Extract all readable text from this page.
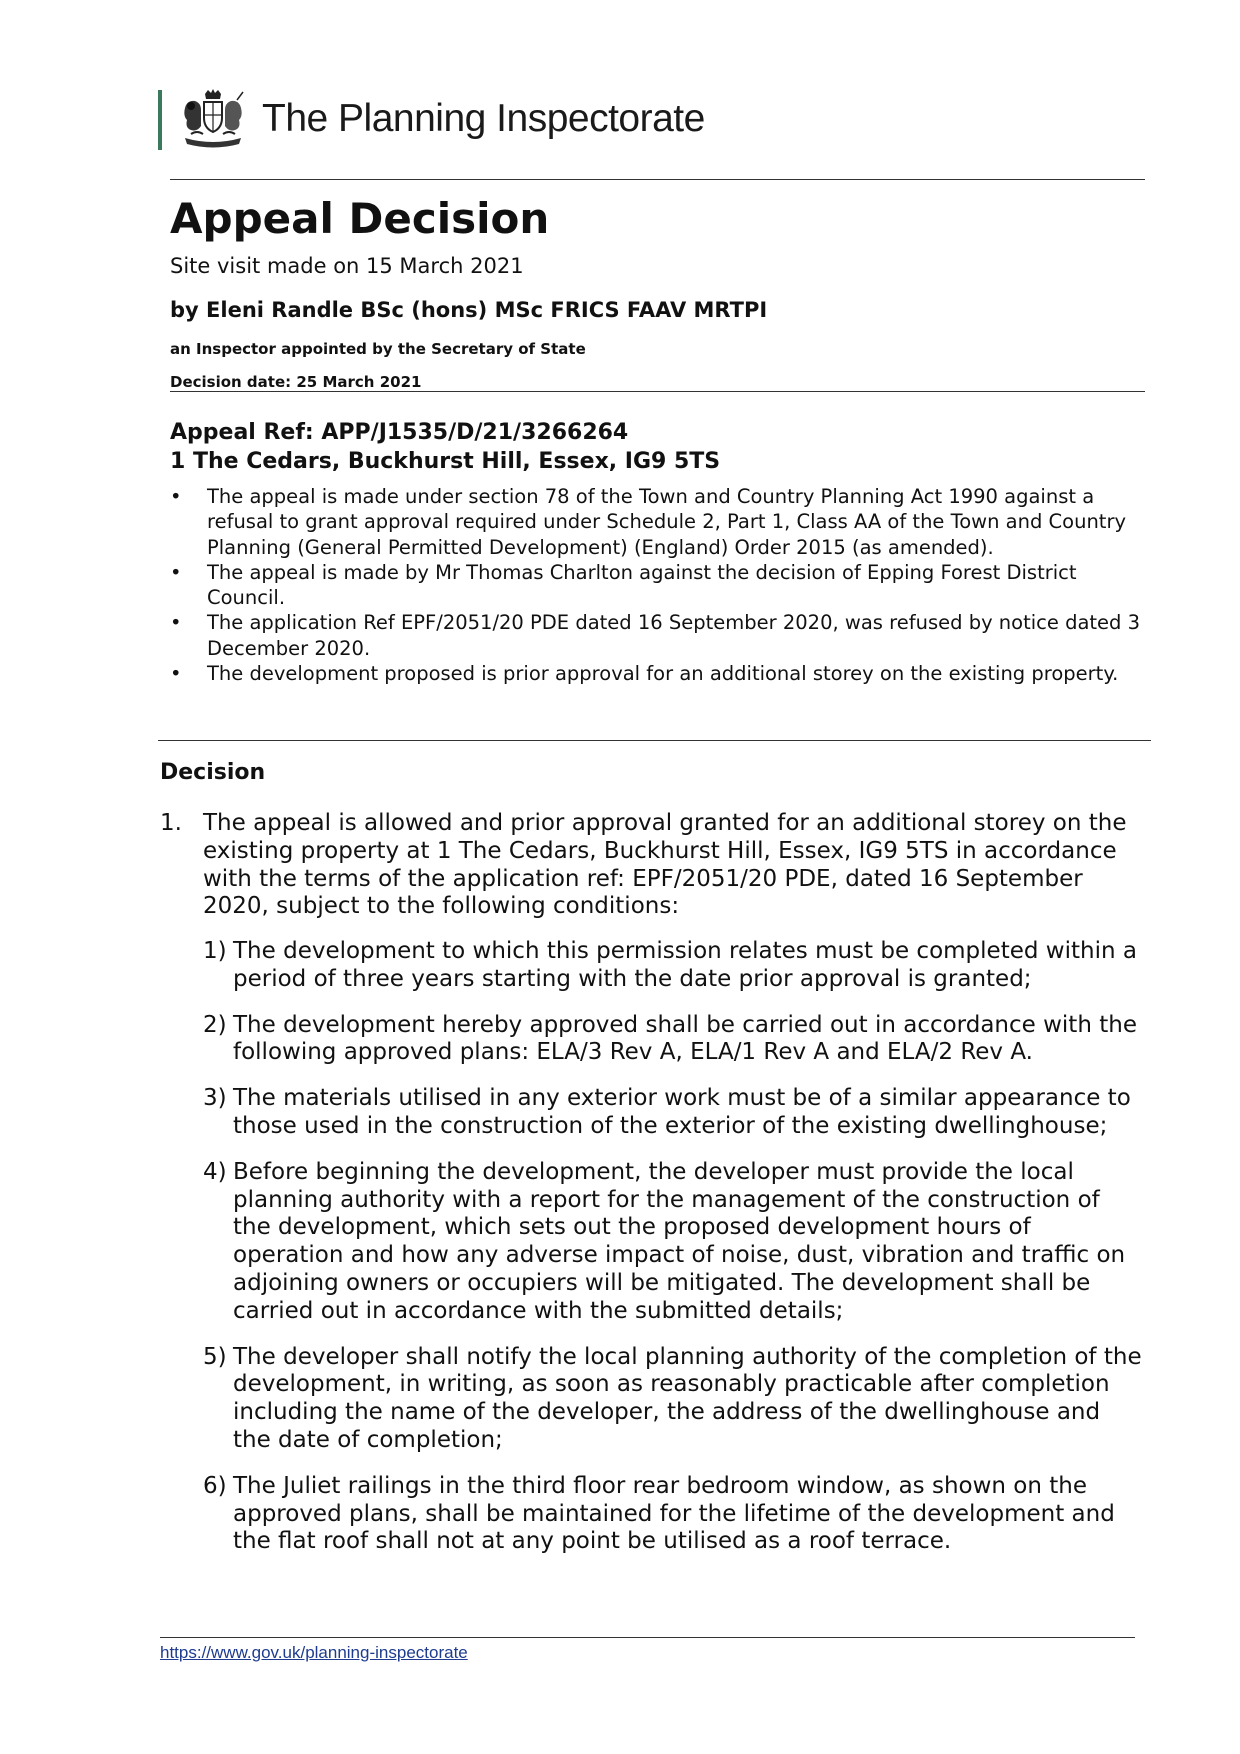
The Planning Inspectorate
Appeal Decision
Site visit made on 15 March 2021
by Eleni Randle BSc (hons) MSc FRICS FAAV MRTPI
an Inspector appointed by the Secretary of State
Decision date: 25 March 2021
Appeal Ref: APP/J1535/D/21/3266264
1 The Cedars, Buckhurst Hill, Essex, IG9 5TS
• The appeal is made under section 78 of the Town and Country Planning Act 1990 against a refusal to grant approval required under Schedule 2, Part 1, Class AA of the Town and Country Planning (General Permitted Development) (England) Order 2015 (as amended).
• The appeal is made by Mr Thomas Charlton against the decision of Epping Forest District Council.
• The application Ref EPF/2051/20 PDE dated 16 September 2020, was refused by notice dated 3 December 2020.
• The development proposed is prior approval for an additional storey on the existing property.
Decision
1. The appeal is allowed and prior approval granted for an additional storey on the existing property at 1 The Cedars, Buckhurst Hill, Essex, IG9 5TS in accordance with the terms of the application ref: EPF/2051/20 PDE, dated 16 September 2020, subject to the following conditions:
1) The development to which this permission relates must be completed within a period of three years starting with the date prior approval is granted;
2) The development hereby approved shall be carried out in accordance with the following approved plans: ELA/3 Rev A, ELA/1 Rev A and ELA/2 Rev A.
3) The materials utilised in any exterior work must be of a similar appearance to those used in the construction of the exterior of the existing dwellinghouse;
4) Before beginning the development, the developer must provide the local planning authority with a report for the management of the construction of the development, which sets out the proposed development hours of operation and how any adverse impact of noise, dust, vibration and traffic on adjoining owners or occupiers will be mitigated. The development shall be carried out in accordance with the submitted details;
5) The developer shall notify the local planning authority of the completion of the development, in writing, as soon as reasonably practicable after completion including the name of the developer, the address of the dwellinghouse and the date of completion;
6) The Juliet railings in the third floor rear bedroom window, as shown on the approved plans, shall be maintained for the lifetime of the development and the flat roof shall not at any point be utilised as a roof terrace.
https://www.gov.uk/planning-inspectorate
